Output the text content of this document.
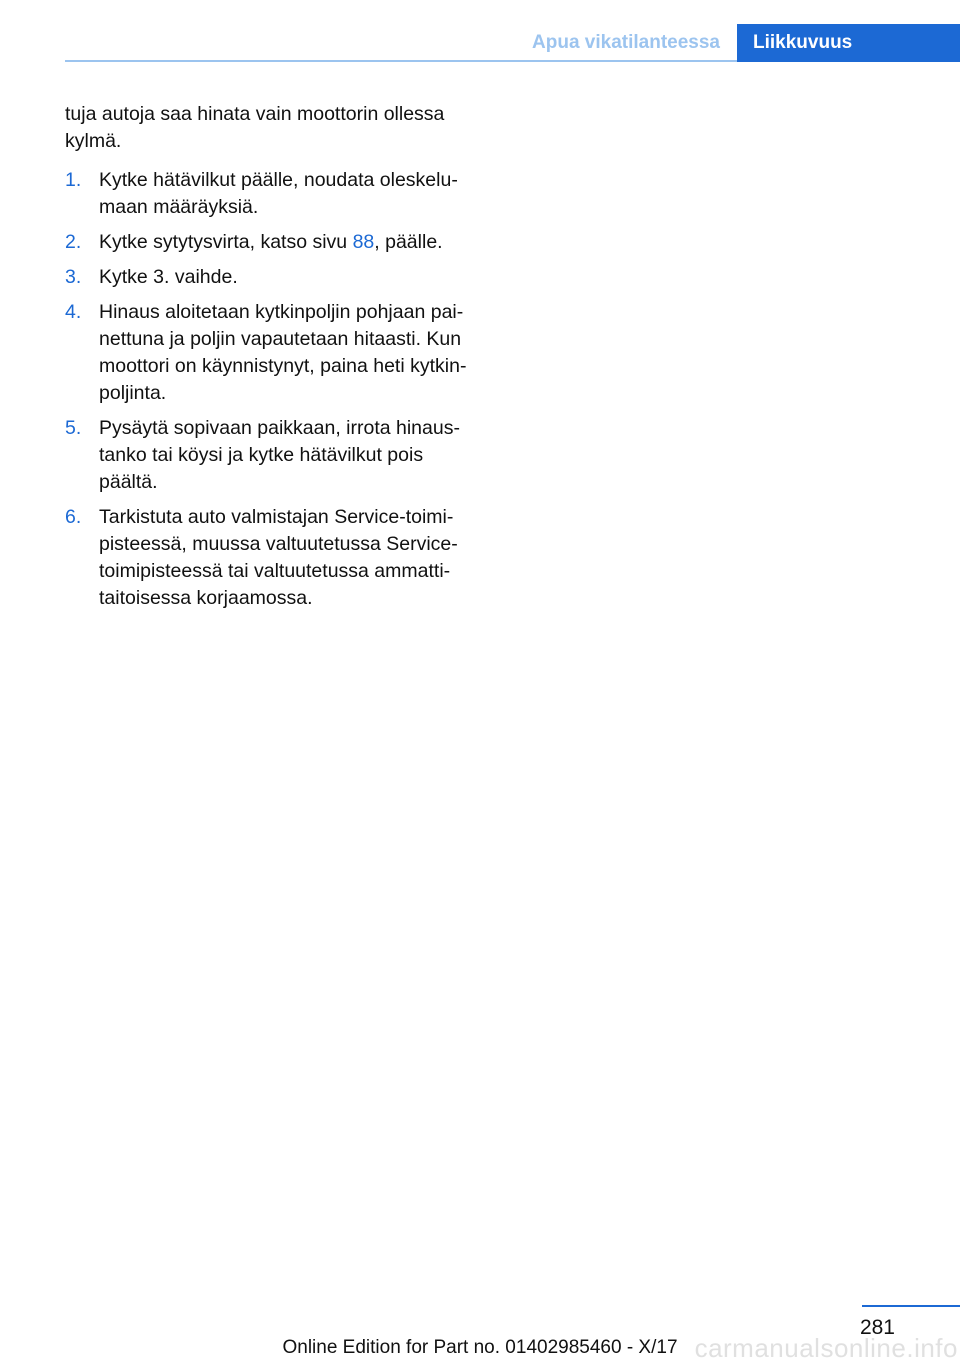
Apua vikatilanteessa	Liikkuvuus

tuja autoja saa hinata vain moottorin ollessa kylmä.

1. Kytke hätävilkut päälle, noudata oleskelumaan määräyksiä.
2. Kytke sytytysvirta, katso sivu 88, päälle.
3. Kytke 3. vaihde.
4. Hinaus aloitetaan kytkinpoljin pohjaan painettuna ja poljin vapautetaan hitaasti. Kun moottori on käynnistynyt, paina heti kytkinpoljinta.
5. Pysäytä sopivaan paikkaan, irrota hinaustanko tai köysi ja kytke hätävilkut pois päältä.
6. Tarkistuta auto valmistajan Service-toimipisteessä, muussa valtuutetussa Service-toimipisteessä tai valtuutetussa ammattitaitoisessa korjaamossa.
281
Online Edition for Part no. 01402985460 - X/17 carmanualsonline.info
